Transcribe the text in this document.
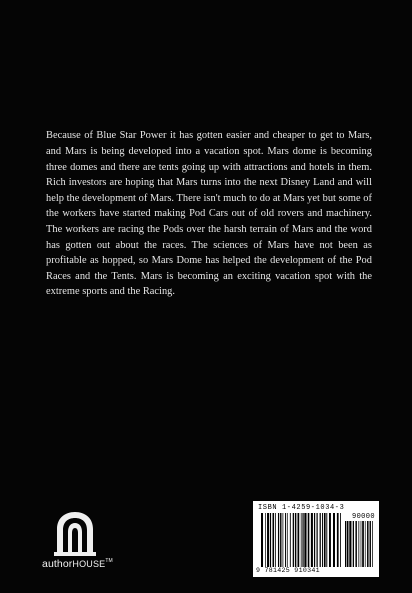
Because of Blue Star Power it has gotten easier and cheaper to get to Mars, and Mars is being developed into a vacation spot. Mars dome is becoming three domes and there are tents going up with attractions and hotels in them. Rich investors are hoping that Mars turns into the next Disney Land and will help the development of Mars. There isn't much to do at Mars yet but some of the workers have started making Pod Cars out of old rovers and machinery. The workers are racing the Pods over the harsh terrain of Mars and the word has gotten out about the races. The sciences of Mars have not been as profitable as hopped, so Mars Dome has helped the development of the Pod Races and the Tents. Mars is becoming an exciting vacation spot with the extreme sports and the Racing.

authorHOUSE™
ISBN 1-4259-1034-3
90000
9 781425 910341
